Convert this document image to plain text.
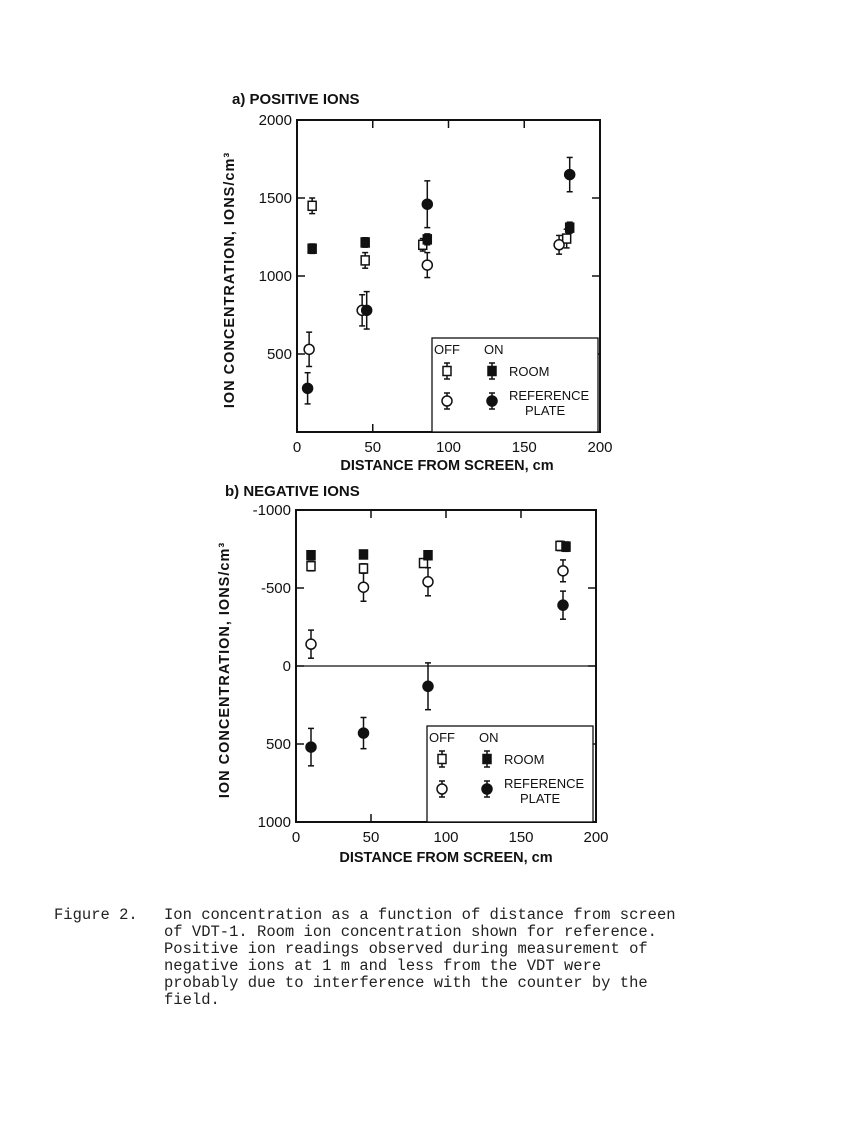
a) POSITIVE IONS
ION CONCENTRATION, IONS/cm³
DISTANCE FROM SCREEN, cm
0	50	100	150	200
500
1000
1500
2000
OFF ON
ROOM
REFERENCE
PLATE
b) NEGATIVE IONS
ION CONCENTRATION, IONS/cm³
DISTANCE FROM SCREEN, cm
0	50	100	150	200
-1000
-500
0
500
1000
OFF ON
ROOM
REFERENCE
PLATE
Figure 2.	Ion concentration as a function of distance from screen
of VDT-1. Room ion concentration shown for reference.
Positive ion readings observed during measurement of
negative ions at 1 m and less from the VDT were
probably due to interference with the counter by the
field.
